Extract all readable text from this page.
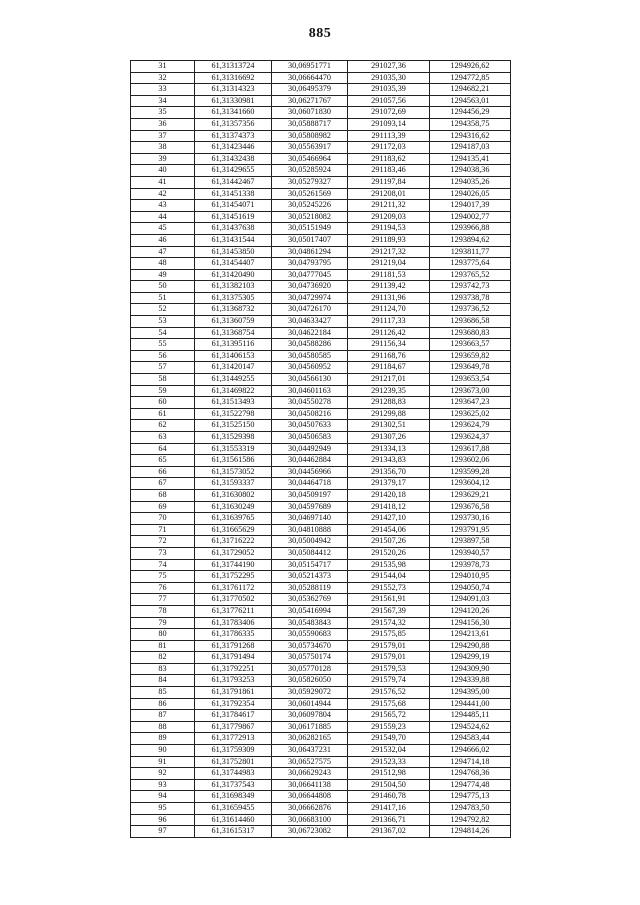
885
31	61,31313724	30,06951771	291027,36	1294926,62
32	61,31316692	30,06664470	291035,30	1294772,85
33	61,31314323	30,06495379	291035,39	1294682,21
34	61,31330981	30,06271767	291057,56	1294563,01
35	61,31341660	30,06071830	291072,69	1294456,29
36	61,31357356	30,05888717	291093,14	1294358,75
37	61,31374373	30,05808982	291113,39	1294316,62
38	61,31423446	30,05563917	291172,03	1294187,03
39	61,31432438	30,05466964	291183,62	1294135,41
40	61,31429655	30,05285924	291183,46	1294038,36
41	61,31442467	30,05279327	291197,84	1294035,26
42	61,31451338	30,05261569	291208,01	1294026,05
43	61,31454071	30,05245226	291211,32	1294017,39
44	61,31451619	30,05218082	291209,03	1294002,77
45	61,31437638	30,05151949	291194,53	1293966,88
46	61,31431544	30,05017407	291189,93	1293894,62
47	61,31453850	30,04861294	291217,32	1293811,77
48	61,31454407	30,04793795	291219,04	1293775,64
49	61,31420490	30,04777045	291181,53	1293765,52
50	61,31382103	30,04736920	291139,42	1293742,73
51	61,31375305	30,04729974	291131,96	1293738,78
52	61,31368732	30,04726170	291124,70	1293736,52
53	61,31360759	30,04633427	291117,33	1293686,58
54	61,31368754	30,04622184	291126,42	1293680,83
55	61,31395116	30,04588286	291156,34	1293663,57
56	61,31406153	30,04580585	291168,76	1293659,82
57	61,31420147	30,04560952	291184,67	1293649,78
58	61,31449255	30,04566130	291217,01	1293653,54
59	61,31469822	30,04601163	291239,35	1293673,00
60	61,31513493	30,04550278	291288,83	1293647,23
61	61,31522798	30,04508216	291299,88	1293625,02
62	61,31525150	30,04507633	291302,51	1293624,79
63	61,31529398	30,04506583	291307,26	1293624,37
64	61,31553319	30,04492949	291334,13	1293617,88
65	61,31561586	30,04462884	291343,83	1293602,06
66	61,31573052	30,04456966	291356,70	1293599,28
67	61,31593337	30,04464718	291379,17	1293604,12
68	61,31630802	30,04509197	291420,18	1293629,21
69	61,31630249	30,04597689	291418,12	1293676,58
70	61,31639765	30,04697140	291427,10	1293730,16
71	61,31665629	30,04810888	291454,06	1293791,95
72	61,31716222	30,05004942	291507,26	1293897,58
73	61,31729052	30,05084412	291520,26	1293940,57
74	61,31744190	30,05154717	291535,98	1293978,73
75	61,31752295	30,05214373	291544,04	1294010,95
76	61,31761172	30,05288119	291552,73	1294050,74
77	61,31770502	30,05362769	291561,91	1294091,03
78	61,31776211	30,05416994	291567,39	1294120,26
79	61,31783406	30,05483843	291574,32	1294156,30
80	61,31786335	30,05590683	291575,85	1294213,61
81	61,31791268	30,05734670	291579,01	1294290,88
82	61,31791494	30,05750174	291579,01	1294299,19
83	61,31792251	30,05770128	291579,53	1294309,90
84	61,31793253	30,05826050	291579,74	1294339,88
85	61,31791861	30,05929072	291576,52	1294395,00
86	61,31792354	30,06014944	291575,68	1294441,00
87	61,31784617	30,06097804	291565,72	1294485,11
88	61,31779867	30,06171885	291559,23	1294524,62
89	61,31772913	30,06282165	291549,70	1294583,44
90	61,31759309	30,06437231	291532,04	1294666,02
91	61,31752801	30,06527575	291523,33	1294714,18
92	61,31744983	30,06629243	291512,98	1294768,36
93	61,31737543	30,06641138	291504,50	1294774,48
94	61,31698349	30,06644808	291460,78	1294775,13
95	61,31659455	30,06662876	291417,16	1294783,50
96	61,31614460	30,06683100	291366,71	1294792,82
97	61,31615317	30,06723082	291367,02	1294814,26
